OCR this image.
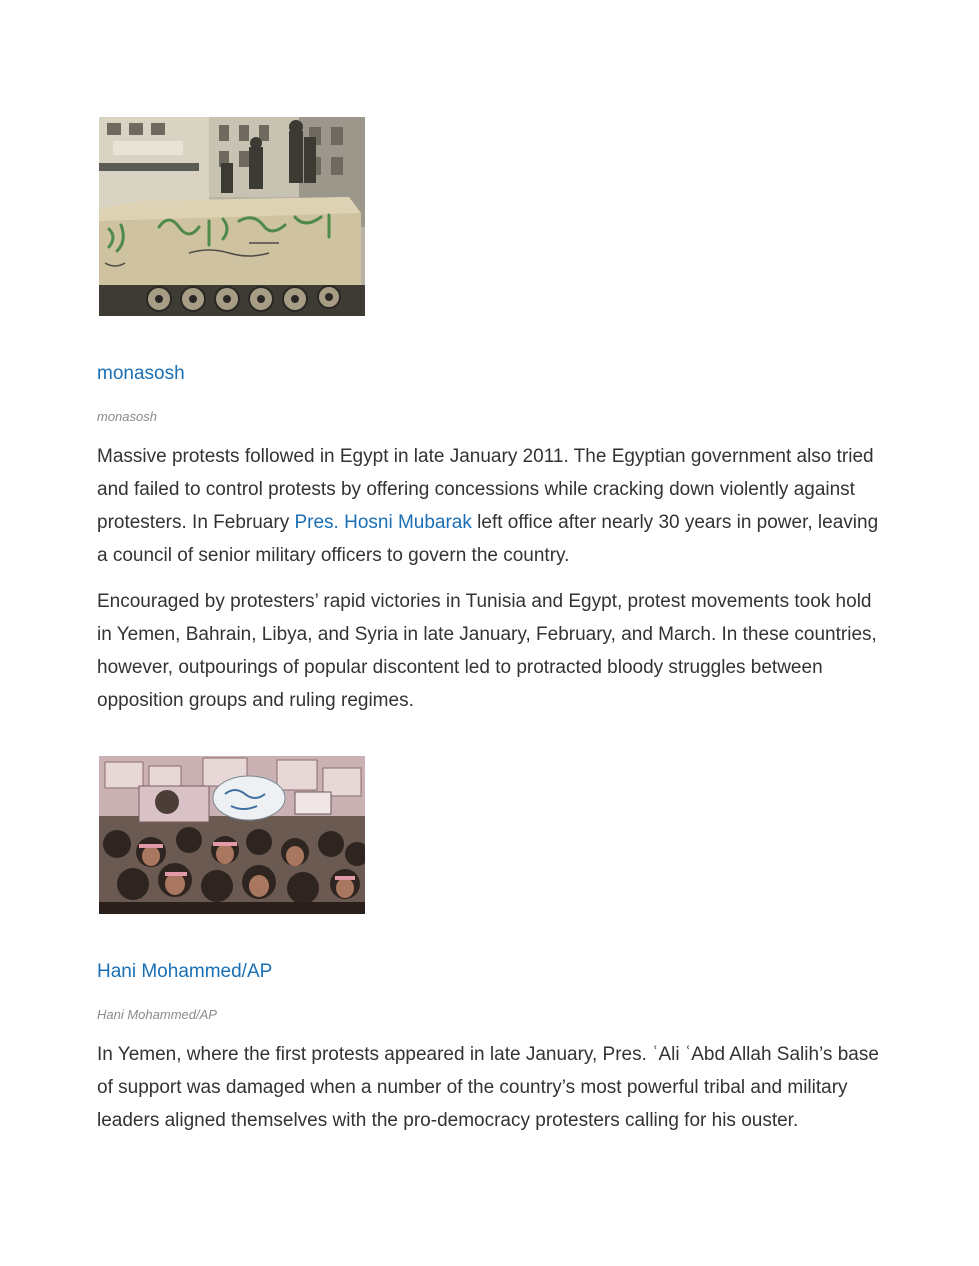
monasosh
monasosh

Massive protests followed in Egypt in late January 2011. The Egyptian government also tried and failed to control protests by offering concessions while cracking down violently against protesters. In February Pres. Hosni Mubarak left office after nearly 30 years in power, leaving a council of senior military officers to govern the country.

Encouraged by protesters’ rapid victories in Tunisia and Egypt, protest movements took hold in Yemen, Bahrain, Libya, and Syria in late January, February, and March. In these countries, however, outpourings of popular discontent led to protracted bloody struggles between opposition groups and ruling regimes.

Hani Mohammed/AP
Hani Mohammed/AP

In Yemen, where the first protests appeared in late January, Pres. ʿAli ʿAbd Allah Salih’s base of support was damaged when a number of the country’s most powerful tribal and military leaders aligned themselves with the pro-democracy protesters calling for his ouster.
